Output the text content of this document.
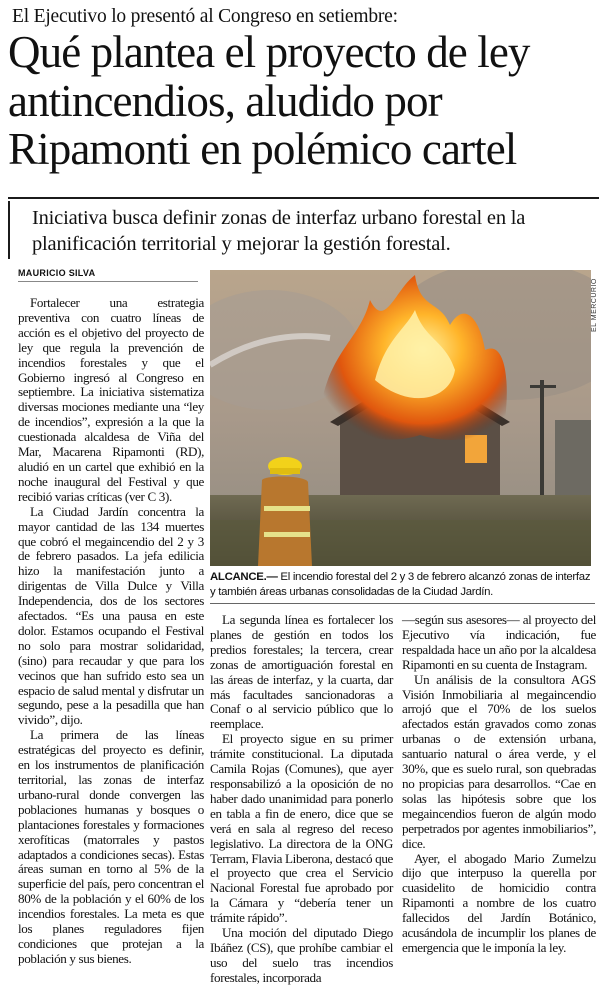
El Ejecutivo lo presentó al Congreso en setiembre:
Qué plantea el proyecto de ley antincendios, aludido por Ripamonti en polémico cartel
Iniciativa busca definir zonas de interfaz urbano forestal en la planificación territorial y mejorar la gestión forestal.
MAURICIO SILVA

Fortalecer una estrategia preventiva con cuatro líneas de acción es el objetivo del proyecto de ley que regula la prevención de incendios forestales y que el Gobierno ingresó al Congreso en septiembre. La iniciativa sistematiza diversas mociones mediante una “ley de incendios”, expresión a la que la cuestionada alcaldesa de Viña del Mar, Macarena Ripamonti (RD), aludió en un cartel que exhibió en la noche inaugural del Festival y que recibió varias críticas (ver C 3).

La Ciudad Jardín concentra la mayor cantidad de las 134 muertes que cobró el megaincendio del 2 y 3 de febrero pasados. La jefa edilicia hizo la manifestación junto a dirigentas de Villa Dulce y Villa Independencia, dos de los sectores afectados. “Es una pausa en este dolor. Estamos ocupando el Festival no solo para mostrar solidaridad, (sino) para recaudar y que para los vecinos que han sufrido esto sea un espacio de salud mental y disfrutar un segundo, pese a la pesadilla que han vivido”, dijo.

La primera de las líneas estratégicas del proyecto es definir, en los instrumentos de planificación territorial, las zonas de interfaz urbano-rural donde convergen las poblaciones humanas y bosques o plantaciones forestales y formaciones xerofíticas (matorrales y pastos adaptados a condiciones secas). Estas áreas suman en torno al 5% de la superficie del país, pero concentran el 80% de la población y el 60% de los incendios forestales. La meta es que los planes reguladores fijen condiciones que protejan a la población y sus bienes.

EL MERCURIO
ALCANCE.— El incendio forestal del 2 y 3 de febrero alcanzó zonas de interfaz y también áreas urbanas consolidadas de la Ciudad Jardín.

La segunda línea es fortalecer los planes de gestión en todos los predios forestales; la tercera, crear zonas de amortiguación forestal en las áreas de interfaz, y la cuarta, dar más facultades sancionadoras a Conaf o al servicio público que lo reemplace.

El proyecto sigue en su primer trámite constitucional. La diputada Camila Rojas (Comunes), que ayer responsabilizó a la oposición de no haber dado unanimidad para ponerlo en tabla a fin de enero, dice que se verá en sala al regreso del receso legislativo. La directora de la ONG Terram, Flavia Liberona, destacó que el proyecto que crea el Servicio Nacional Forestal fue aprobado por la Cámara y “debería tener un trámite rápido”.

Una moción del diputado Diego Ibáñez (CS), que prohíbe cambiar el uso del suelo tras incendios forestales, incorporada

—según sus asesores— al proyecto del Ejecutivo vía indicación, fue respaldada hace un año por la alcaldesa Ripamonti en su cuenta de Instagram.

Un análisis de la consultora AGS Visión Inmobiliaria al megaincendio arrojó que el 70% de los suelos afectados están gravados como zonas urbanas o de extensión urbana, santuario natural o área verde, y el 30%, que es suelo rural, son quebradas no propicias para desarrollos. “Cae en solas las hipótesis sobre que los megaincendios fueron de algún modo perpetrados por agentes inmobiliarios”, dice.

Ayer, el abogado Mario Zumelzu dijo que interpuso la querella por cuasidelito de homicidio contra Ripamonti a nombre de los cuatro fallecidos del Jardín Botánico, acusándola de incumplir los planes de emergencia que le imponía la ley.
